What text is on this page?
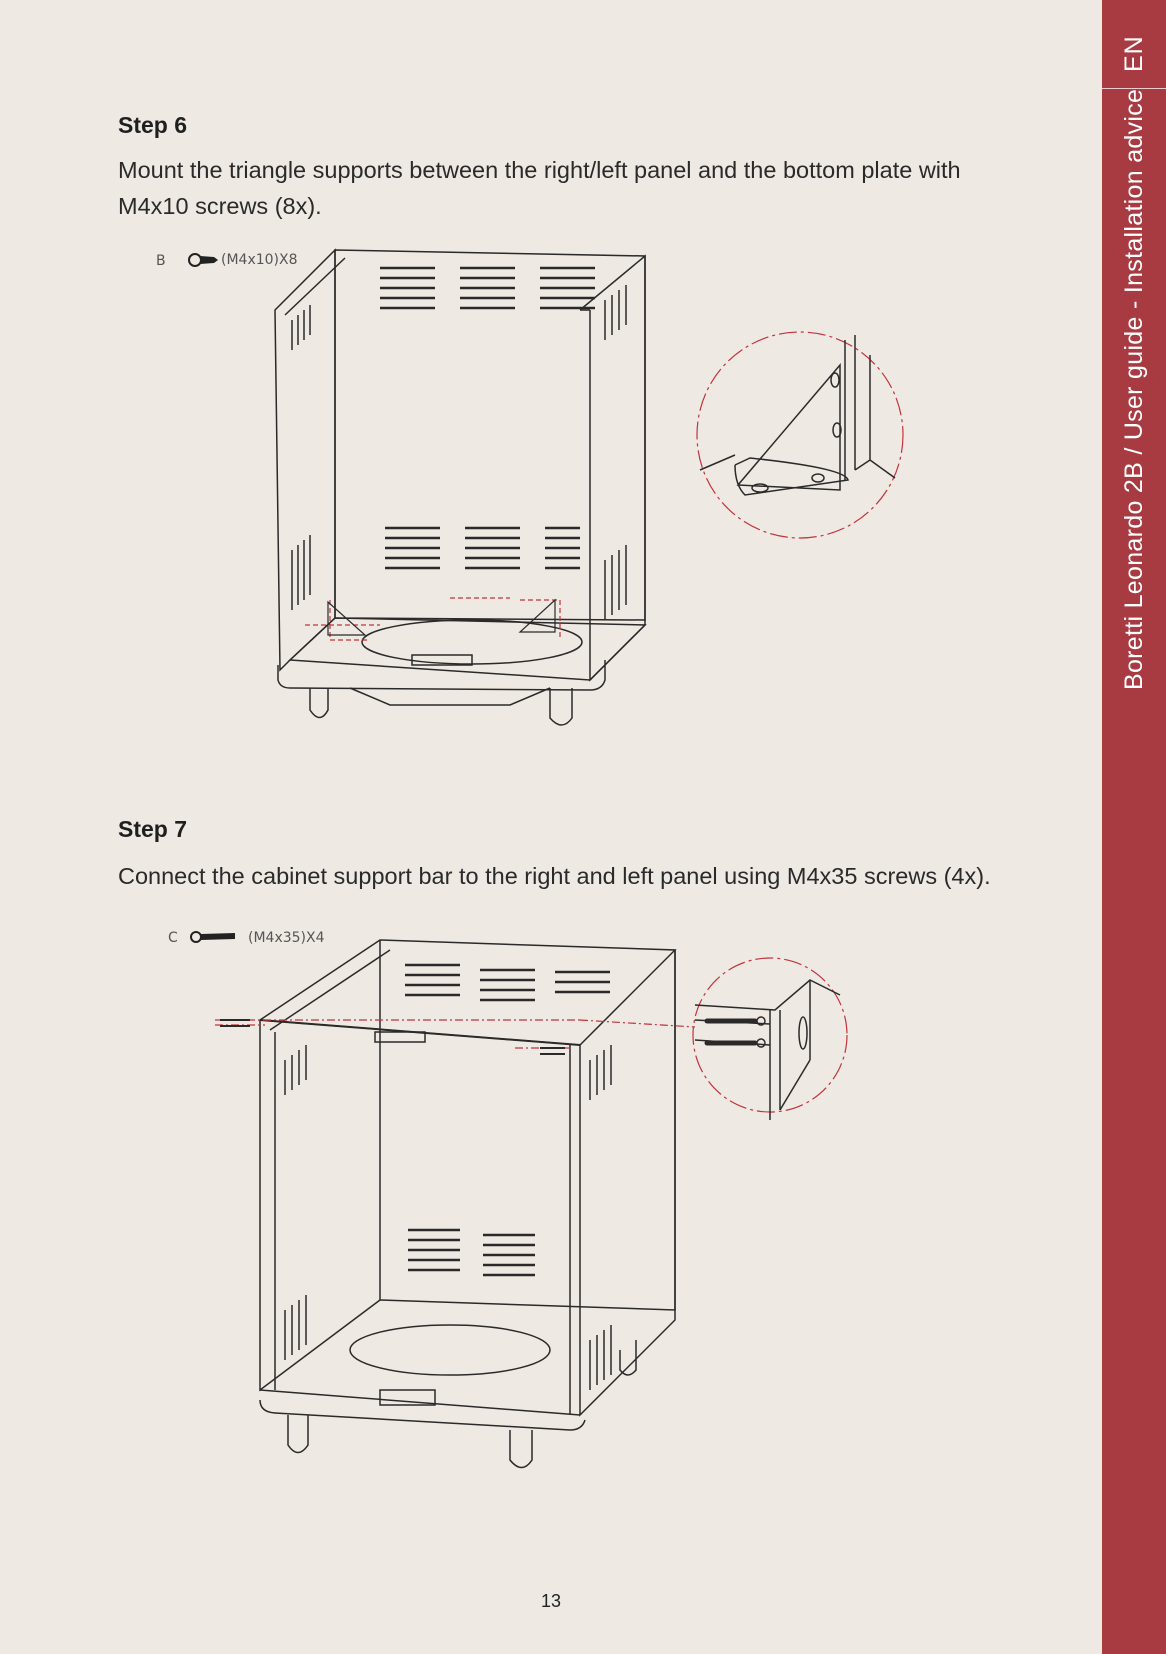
EN
Boretti Leonardo 2B / User guide - Installation advice
Step 6

Mount the triangle supports between the right/left panel and the bottom plate with M4x10 screws (8x).

B	(M4x10)X8
Step 7

Connect the cabinet support bar to the right and left panel using M4x35 screws (4x).

C	(M4x35)X4
13
